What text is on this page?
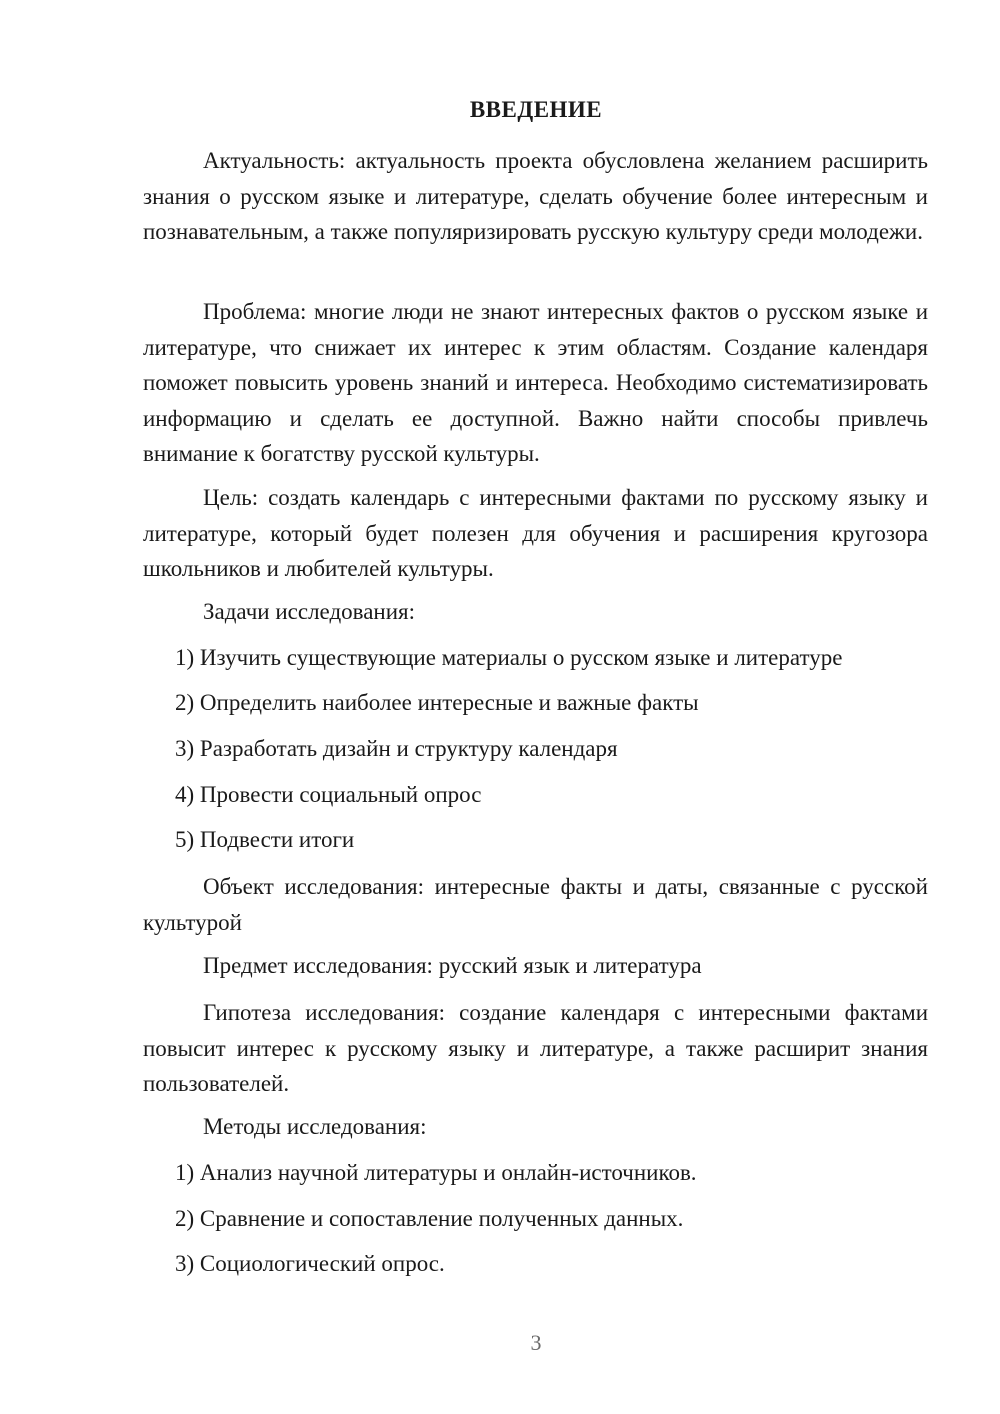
ВВЕДЕНИЕ

Актуальность: актуальность проекта обусловлена желанием расширить знания о русском языке и литературе, сделать обучение более интересным и познавательным, а также популяризировать русскую культуру среди молодежи.

Проблема: многие люди не знают интересных фактов о русском языке и литературе, что снижает их интерес к этим областям. Создание календаря поможет повысить уровень знаний и интереса. Необходимо систематизировать информацию и сделать ее доступной. Важно найти способы привлечь внимание к богатству русской культуры.

Цель: создать календарь с интересными фактами по русскому языку и литературе, который будет полезен для обучения и расширения кругозора школьников и любителей культуры.

Задачи исследования:
1) Изучить существующие материалы о русском языке и литературе
2) Определить наиболее интересные и важные факты
3) Разработать дизайн и структуру календаря
4) Провести социальный опрос
5) Подвести итоги

Объект исследования: интересные факты и даты, связанные с русской культурой

Предмет исследования: русский язык и литература

Гипотеза исследования: создание календаря с интересными фактами повысит интерес к русскому языку и литературе, а также расширит знания пользователей.

Методы исследования:
1) Анализ научной литературы и онлайн-источников.
2) Сравнение и сопоставление полученных данных.
3) Социологический опрос.
3
